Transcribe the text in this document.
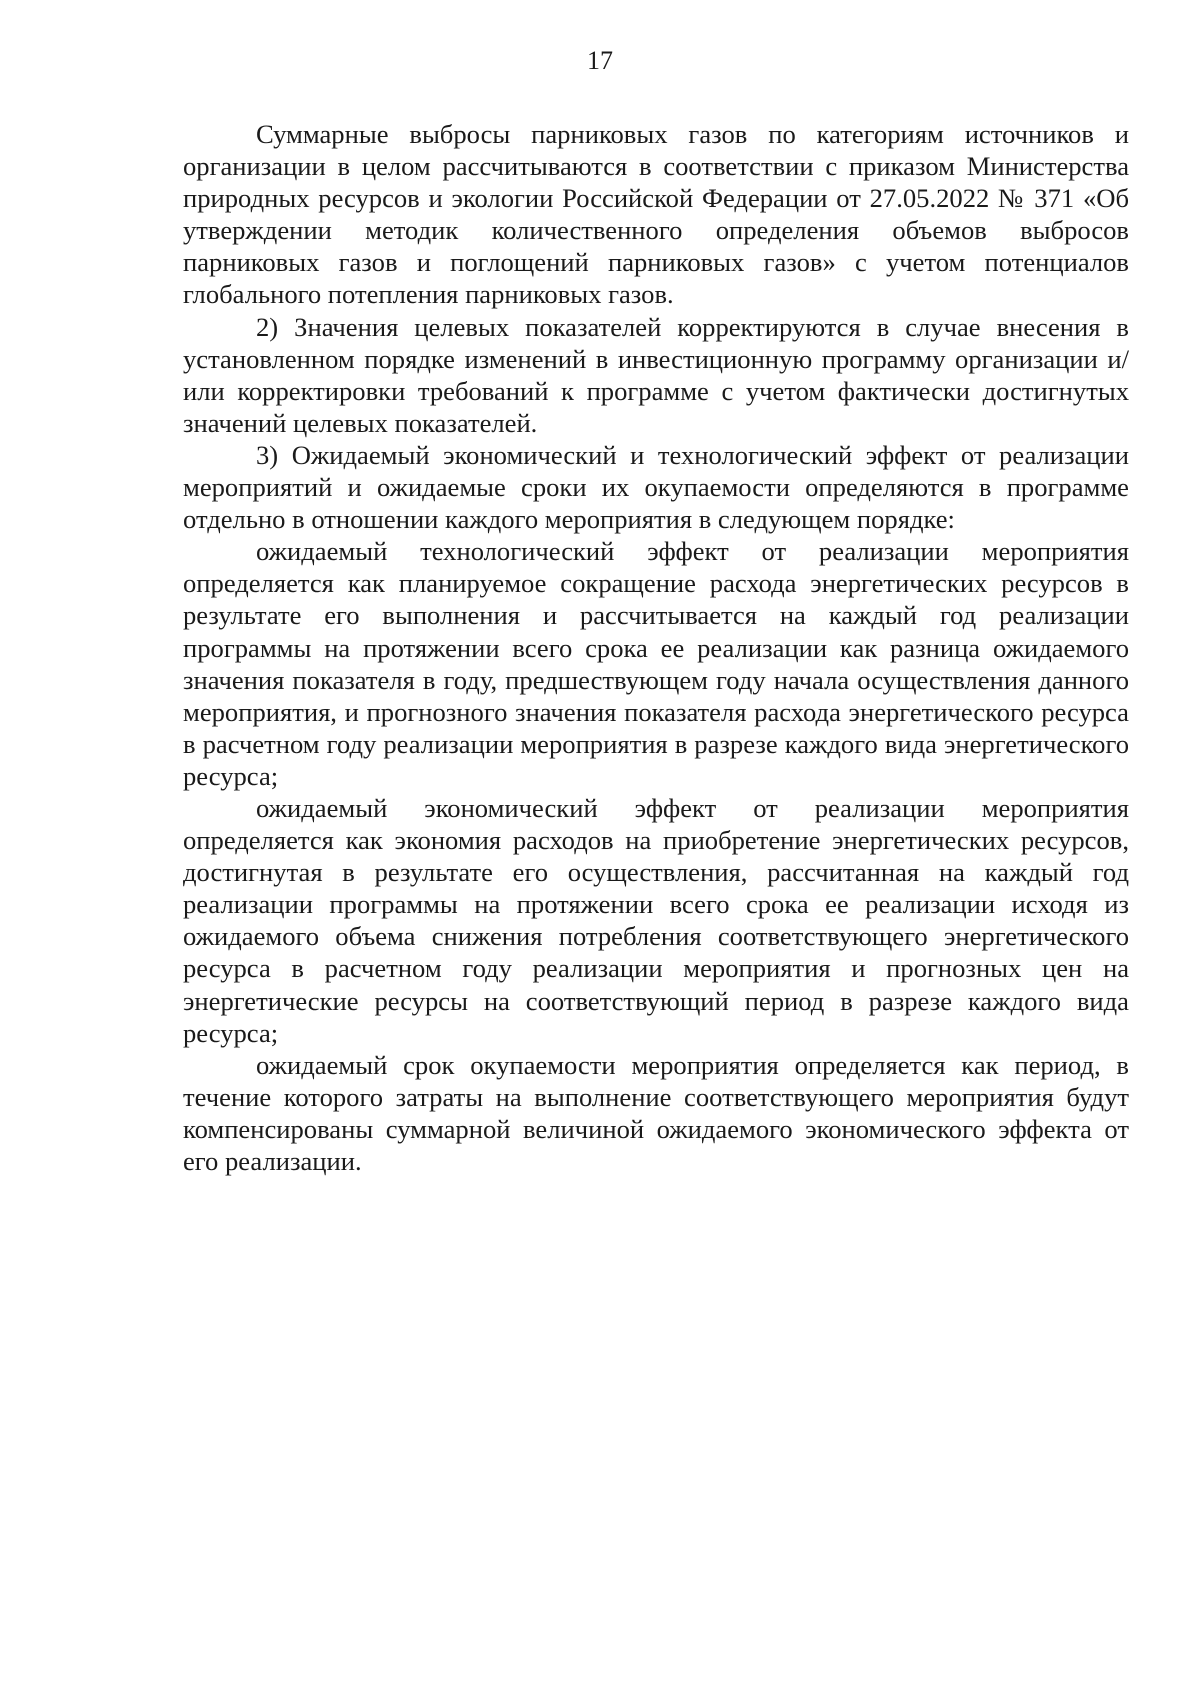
17

Суммарные выбросы парниковых газов по категориям источников и организации в целом рассчитываются в соответствии с приказом Министерства природных ресурсов и экологии Российской Федерации от 27.05.2022 № 371 «Об утверждении методик количественного определения объемов выбросов парниковых газов и поглощений парниковых газов» с учетом потенциалов глобального потепления парниковых газов.

2) Значения целевых показателей корректируются в случае внесения в установленном порядке изменений в инвестиционную программу организации и/или корректировки требований к программе с учетом фактически достигнутых значений целевых показателей.

3) Ожидаемый экономический и технологический эффект от реализации мероприятий и ожидаемые сроки их окупаемости определяются в программе отдельно в отношении каждого мероприятия в следующем порядке:

ожидаемый технологический эффект от реализации мероприятия определяется как планируемое сокращение расхода энергетических ресурсов в результате его выполнения и рассчитывается на каждый год реализации программы на протяжении всего срока ее реализации как разница ожидаемого значения показателя в году, предшествующем году начала осуществления данного мероприятия, и прогнозного значения показателя расхода энергетического ресурса в расчетном году реализации мероприятия в разрезе каждого вида энергетического ресурса;

ожидаемый экономический эффект от реализации мероприятия определяется как экономия расходов на приобретение энергетических ресурсов, достигнутая в результате его осуществления, рассчитанная на каждый год реализации программы на протяжении всего срока ее реализации исходя из ожидаемого объема снижения потребления соответствующего энергетического ресурса в расчетном году реализации мероприятия и прогнозных цен на энергетические ресурсы на соответствующий период в разрезе каждого вида ресурса;

ожидаемый срок окупаемости мероприятия определяется как период, в течение которого затраты на выполнение соответствующего мероприятия будут компенсированы суммарной величиной ожидаемого экономического эффекта от его реализации.
